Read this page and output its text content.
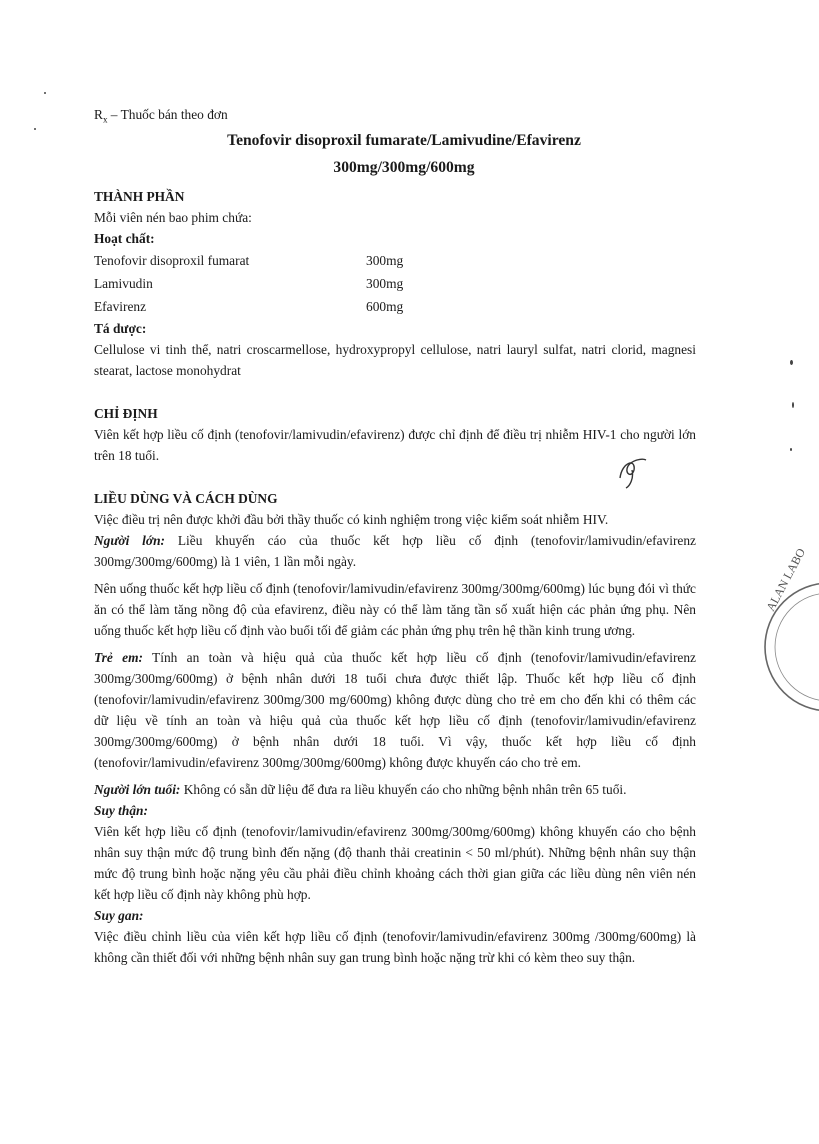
$R_x$ – Thuốc bán theo đơn
Tenofovir disoproxil fumarate/Lamivudine/Efavirenz
300mg/300mg/600mg
THÀNH PHẦN

Mỗi viên nén bao phim chứa:

Hoạt chất:
Tenofovir disoproxil fumarat	300mg
Lamivudin	300mg
Efavirenz	600mg
Tá dược:

Cellulose vi tinh thể, natri croscarmellose, hydroxypropyl cellulose, natri lauryl sulfat, natri clorid, magnesi stearat, lactose monohydrat

CHỈ ĐỊNH

Viên kết hợp liều cố định (tenofovir/lamivudin/efavirenz) được chỉ định để điều trị nhiễm HIV-1 cho người lớn trên 18 tuổi.

LIỀU DÙNG VÀ CÁCH DÙNG

Việc điều trị nên được khởi đầu bởi thầy thuốc có kinh nghiệm trong việc kiểm soát nhiễm HIV.

Người lớn: Liều khuyến cáo của thuốc kết hợp liều cố định (tenofovir/lamivudin/efavirenz 300mg/300mg/600mg) là 1 viên, 1 lần mỗi ngày.

Nên uống thuốc kết hợp liều cố định (tenofovir/lamivudin/efavirenz 300mg/300mg/600mg) lúc bụng đói vì thức ăn có thể làm tăng nồng độ của efavirenz, điều này có thể làm tăng tần số xuất hiện các phản ứng phụ. Nên uống thuốc kết hợp liều cố định vào buổi tối để giảm các phản ứng phụ trên hệ thần kinh trung ương.

Trẻ em: Tính an toàn và hiệu quả của thuốc kết hợp liều cố định (tenofovir/lamivudin/efavirenz 300mg/300mg/600mg) ở bệnh nhân dưới 18 tuổi chưa được thiết lập. Thuốc kết hợp liều cố định (tenofovir/lamivudin/efavirenz 300mg/300 mg/600mg) không được dùng cho trẻ em cho đến khi có thêm các dữ liệu về tính an toàn và hiệu quả của thuốc kết hợp liều cố định (tenofovir/lamivudin/efavirenz 300mg/300mg/600mg) ở bệnh nhân dưới 18 tuổi. Vì vậy, thuốc kết hợp liều cố định (tenofovir/lamivudin/efavirenz 300mg/300mg/600mg) không được khuyến cáo cho trẻ em.

Người lớn tuổi: Không có sẵn dữ liệu để đưa ra liều khuyến cáo cho những bệnh nhân trên 65 tuổi.

Suy thận:

Viên kết hợp liều cố định (tenofovir/lamivudin/efavirenz 300mg/300mg/600mg) không khuyến cáo cho bệnh nhân suy thận mức độ trung bình đến nặng (độ thanh thải creatinin < 50 ml/phút). Những bệnh nhân suy thận mức độ trung bình hoặc nặng yêu cầu phải điều chỉnh khoảng cách thời gian giữa các liều dùng nên viên nén kết hợp liều cố định này không phù hợp.

Suy gan:

Việc điều chỉnh liều của viên kết hợp liều cố định (tenofovir/lamivudin/efavirenz 300mg /300mg/600mg) là không cần thiết đối với những bệnh nhân suy gan trung bình hoặc nặng trừ khi có kèm theo suy thận.

ALAN LABO
